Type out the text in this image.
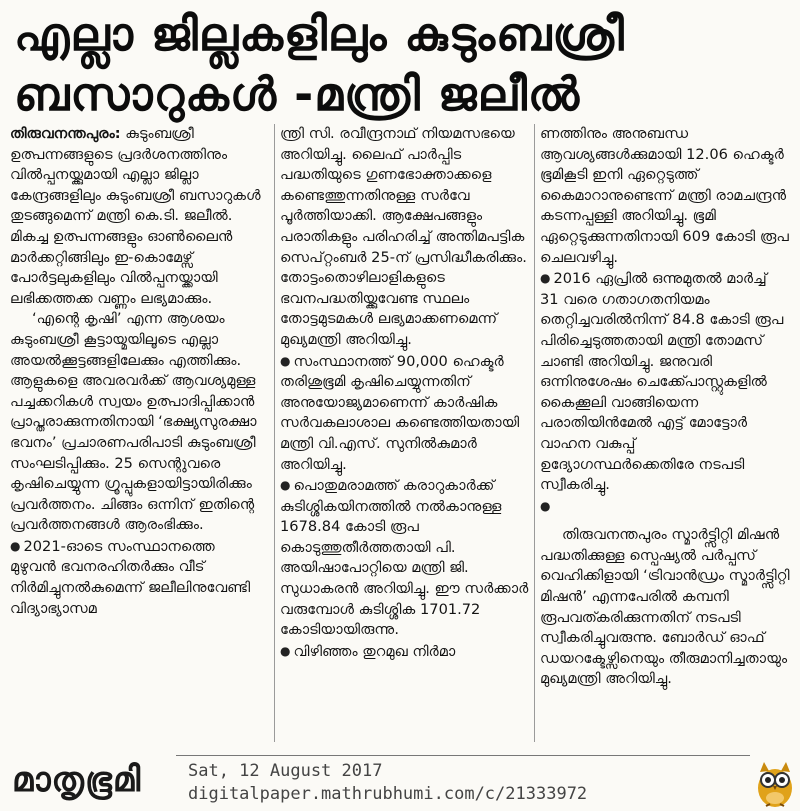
എല്ലാ ജില്ലകളിലും കുടുംബശ്രീ
ബസാറുകൾ -മന്ത്രി ജലീൽ

തിരുവനന്തപുരം: കുടുംബശ്രീ ഉത്പന്നങ്ങളുടെ പ്രദർശനത്തിനും വിൽപ്പനയ്ക്കുമായി എല്ലാ ജില്ലാ കേന്ദ്രങ്ങളിലും കുടുംബശ്രീ ബസാറുകൾ തുടങ്ങുമെന്ന് മന്ത്രി കെ.ടി. ജലീൽ. മികച്ച ഉത്പന്നങ്ങളും ഓൺലൈൻ മാർക്കറ്റിങ്ങിലും ഇ-കൊമേഴ്സ് പോർട്ടലുകളിലും വിൽപ്പനയ്ക്കായി ലഭിക്കത്തക്ക വണ്ണം ലഭ്യമാക്കും.

‘എന്റെ കൃഷി’ എന്ന ആശയം കുടുംബശ്രീ കൂട്ടായ്മയിലൂടെ എല്ലാ അയൽക്കൂട്ടങ്ങളിലേക്കും എത്തിക്കും. ആളുകളെ അവരവർക്ക് ആവശ്യമുള്ള പച്ചക്കറികൾ സ്വയം ഉത്പാദിപ്പിക്കാൻ പ്രാപ്തരാക്കുന്നതിനായി ‘ഭക്ഷ്യസുരക്ഷാ ഭവനം’ പ്രചാരണപരിപാടി കുടുംബശ്രീ സംഘടിപ്പിക്കും. 25 സെന്റുവരെ കൃഷിചെയ്യുന്ന ഗ്രൂപ്പുകളായിട്ടായിരിക്കും പ്രവർത്തനം. ചിങ്ങം ഒന്നിന് ഇതിന്റെ പ്രവർത്തനങ്ങൾ ആരംഭിക്കും.

● 2021-ഓടെ സംസ്ഥാനത്തെ മുഴുവൻ ഭവനരഹിതർക്കും വീട് നിർമിച്ചുനൽകുമെന്ന് ജലീലിനുവേണ്ടി വിദ്യാഭ്യാസമ

ന്ത്രി സി. രവീന്ദ്രനാഥ് നിയമസഭയെ അറിയിച്ചു. ലൈഫ് പാർപ്പിട പദ്ധതിയുടെ ഗുണഭോക്താക്കളെ കണ്ടെത്തുന്നതിനുള്ള സർവേ പൂർത്തിയാക്കി. ആക്ഷേപങ്ങളും പരാതികളും പരിഹരിച്ച് അന്തിമപട്ടിക സെപ്റ്റംബർ 25-ന് പ്രസിദ്ധീകരിക്കും. തോട്ടംതൊഴിലാളികളുടെ ഭവനപദ്ധതിയ്ക്കുവേണ്ട സ്ഥലം തോട്ടമുടമകൾ ലഭ്യമാക്കണമെന്ന് മുഖ്യമന്ത്രി അറിയിച്ചു.

● സംസ്ഥാനത്ത് 90,000 ഹെക്ടർ തരിശുഭൂമി കൃഷിചെയ്യുന്നതിന് അനുയോജ്യമാണെന്ന് കാർഷിക സർവകലാശാല കണ്ടെത്തിയതായി മന്ത്രി വി.എസ്. സുനിൽകുമാർ അറിയിച്ചു.

● പൊതുമരാമത്ത് കരാറുകാർക്ക് കുടിശ്ശികയിനത്തിൽ നൽകാനുള്ള 1678.84 കോടി രൂപ കൊടുത്തുതീർത്തതായി പി. അയിഷാപോറ്റിയെ മന്ത്രി ജി. സുധാകരൻ അറിയിച്ചു. ഈ സർക്കാർ വരുമ്പോൾ കുടിശ്ശിക 1701.72 കോടിയായിരുന്നു.

● വിഴിഞ്ഞം തുറമുഖ നിർമാ

ണത്തിനും അനുബന്ധ ആവശ്യങ്ങൾക്കുമായി 12.06 ഹെക്ടർ ഭൂമികൂടി ഇനി ഏറ്റെടുത്ത് കൈമാറാനുണ്ടെന്ന് മന്ത്രി രാമചന്ദ്രൻ കടന്നപ്പള്ളി അറിയിച്ചു. ഭൂമി ഏറ്റെടുക്കുന്നതിനായി 609 കോടി രൂപ ചെലവഴിച്ചു.

● 2016 ഏപ്രിൽ ഒന്നുമുതൽ മാർച്ച് 31 വരെ ഗതാഗതനിയമം തെറ്റിച്ചവരിൽനിന്ന് 84.8 കോടി രൂപ പിരിച്ചെടുത്തതായി മന്ത്രി തോമസ് ചാണ്ടി അറിയിച്ചു. ജനുവരി ഒന്നിനുശേഷം ചെക്ക്പോസ്റ്റുകളിൽ കൈക്കൂലി വാങ്ങിയെന്ന പരാതിയിൻമേൽ എട്ട് മോട്ടോർ വാഹന വകുപ്പ് ഉദ്യോഗസ്ഥർക്കെതിരേ നടപടി സ്വീകരിച്ചു.

●

തിരുവനന്തപുരം സ്മാർട്ട്സിറ്റി മിഷൻ പദ്ധതിക്കുള്ള സ്പെഷ്യൽ പർപ്പസ് വെഹിക്കിളായി ‘ട്രിവാൻഡ്രം സ്മാർട്ട്സിറ്റി മിഷൻ’ എന്നപേരിൽ കമ്പനി രൂപവത്കരിക്കുന്നതിന് നടപടി സ്വീകരിച്ചുവരുന്നു. ബോർഡ് ഓഫ് ഡയറക്ടേഴ്സിനെയും തീരുമാനിച്ചതായും മുഖ്യമന്ത്രി അറിയിച്ചു.

മാതൃഭൂമി	Sat, 12 August 2017
digitalpaper.mathrubhumi.com/c/21333972
